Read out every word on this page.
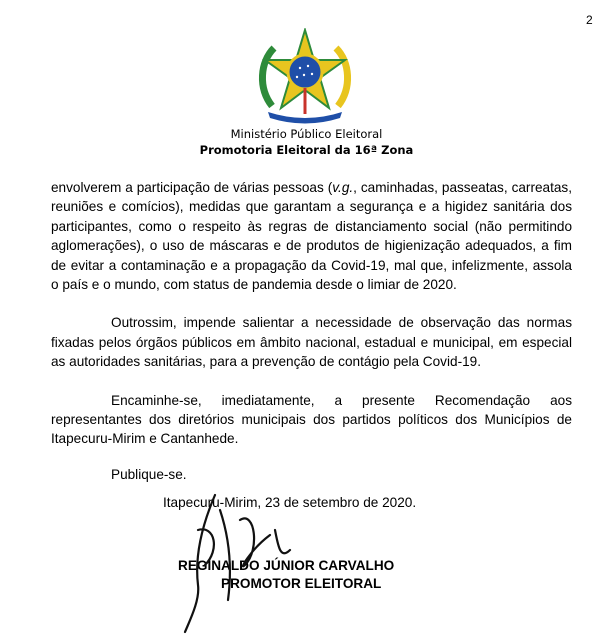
2
Ministério Público Eleitoral
Promotoria Eleitoral da 16ª Zona

envolverem a participação de várias pessoas (v.g., caminhadas, passeatas, carreatas, reuniões e comícios), medidas que garantam a segurança e a higidez sanitária dos participantes, como o respeito às regras de distanciamento social (não permitindo aglomerações), o uso de máscaras e de produtos de higienização adequados, a fim de evitar a contaminação e a propagação da Covid-19, mal que, infelizmente, assola o país e o mundo, com status de pandemia desde o limiar de 2020.

Outrossim, impende salientar a necessidade de observação das normas fixadas pelos órgãos públicos em âmbito nacional, estadual e municipal, em especial as autoridades sanitárias, para a prevenção de contágio pela Covid-19.

Encaminhe-se, imediatamente, a presente Recomendação aos representantes dos diretórios municipais dos partidos políticos dos Municípios de Itapecuru-Mirim e Cantanhede.

Publique-se.
Itapecuru-Mirim, 23 de setembro de 2020.
REGINALDO JÚNIOR CARVALHO
PROMOTOR ELEITORAL
